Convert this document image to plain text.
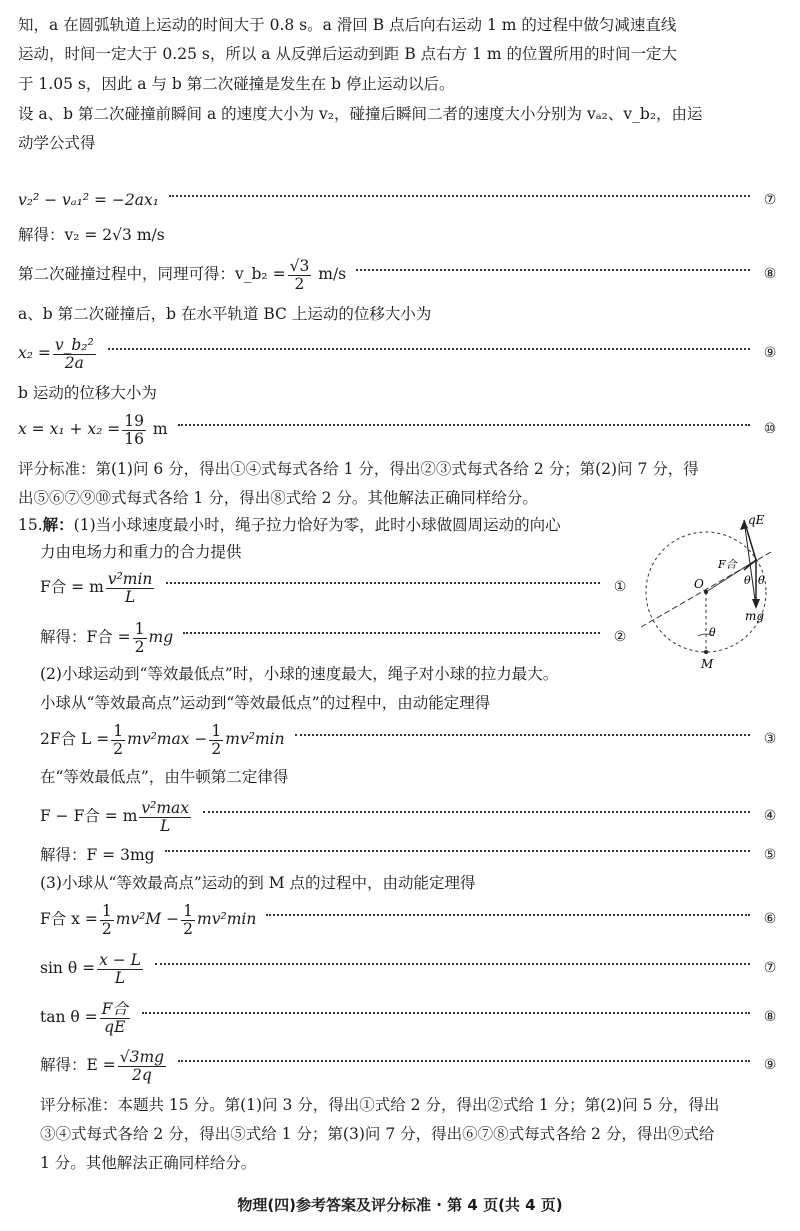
知，a 在圆弧轨道上运动的时间大于 0.8 s。a 滑回 B 点后向右运动 1 m 的过程中做匀减速直线
运动，时间一定大于 0.25 s，所以 a 从反弹后运动到距 B 点右方 1 m 的位置所用的时间一定大
于 1.05 s，因此 a 与 b 第二次碰撞是发生在 b 停止运动以后。
设 a、b 第二次碰撞前瞬间 a 的速度大小为 v₂，碰撞后瞬间二者的速度大小分别为 vₐ₂、v_b₂，由运
动学公式得
v₂² − vₐ₁² = −2ax₁	⑦
解得：v₂ = 2√3 m/s
第二次碰撞过程中，同理可得：v_b₂ = $\frac{√3}{2} m/s$	⑧
a、b 第二次碰撞后，b 在水平轨道 BC 上运动的位移大小为
$x_2 = \frac{\text{v\_b₂²}}{2a}$	⑨
b 运动的位移大小为
$x = x_1 + x_2 = \frac{19}{16}$ m	⑩
评分标准：第(1)问 6 分，得出①④式每式各给 1 分，得出②③式每式各给 2 分；第(2)问 7 分，得
出⑤⑥⑦⑨⑩式每式各给 1 分，得出⑧式给 2 分。其他解法正确同样给分。
15.解：(1)当小球速度最小时，绳子拉力恰好为零，此时小球做圆周运动的向心
力由电场力和重力的合力提供
F合 = m v²min
L
①
解得：F合 = $\frac{1}{2}$ mg	②
(2)小球运动到“等效最低点”时，小球的速度最大，绳子对小球的拉力最大。
小球从“等效最高点”运动到“等效最低点”的过程中，由动能定理得
2F合 $L = \frac{1}{2} mv^2\max - \frac{1}{2} mv^2\min$	③
在“等效最低点”，由牛顿第二定律得
F − F合 = m v²max
L
④
解得：F = 3mg	⑤
(3)小球从“等效最高点”运动的到 M 点的过程中，由动能定理得
F合 $x = \frac{1}{2} mv^2M - \frac{1}{2} mv^2\min$	⑥
$\sin \theta = \frac{x - L}{L}$	⑦
tan θ = F合
qE
⑧
解得：$E = \frac{√3mg}{2q}$	⑨
评分标准：本题共 15 分。第(1)问 3 分，得出①式给 2 分，得出②式给 1 分；第(2)问 5 分，得出
③④式每式各给 2 分，得出⑤式给 1 分；第(3)问 7 分，得出⑥⑦⑧式每式各给 2 分，得出⑨式给
1 分。其他解法正确同样给分。
qE
F合
O	θ θ
mg
θ
M
物理(四)参考答案及评分标准 · 第 4 页(共 4 页)
